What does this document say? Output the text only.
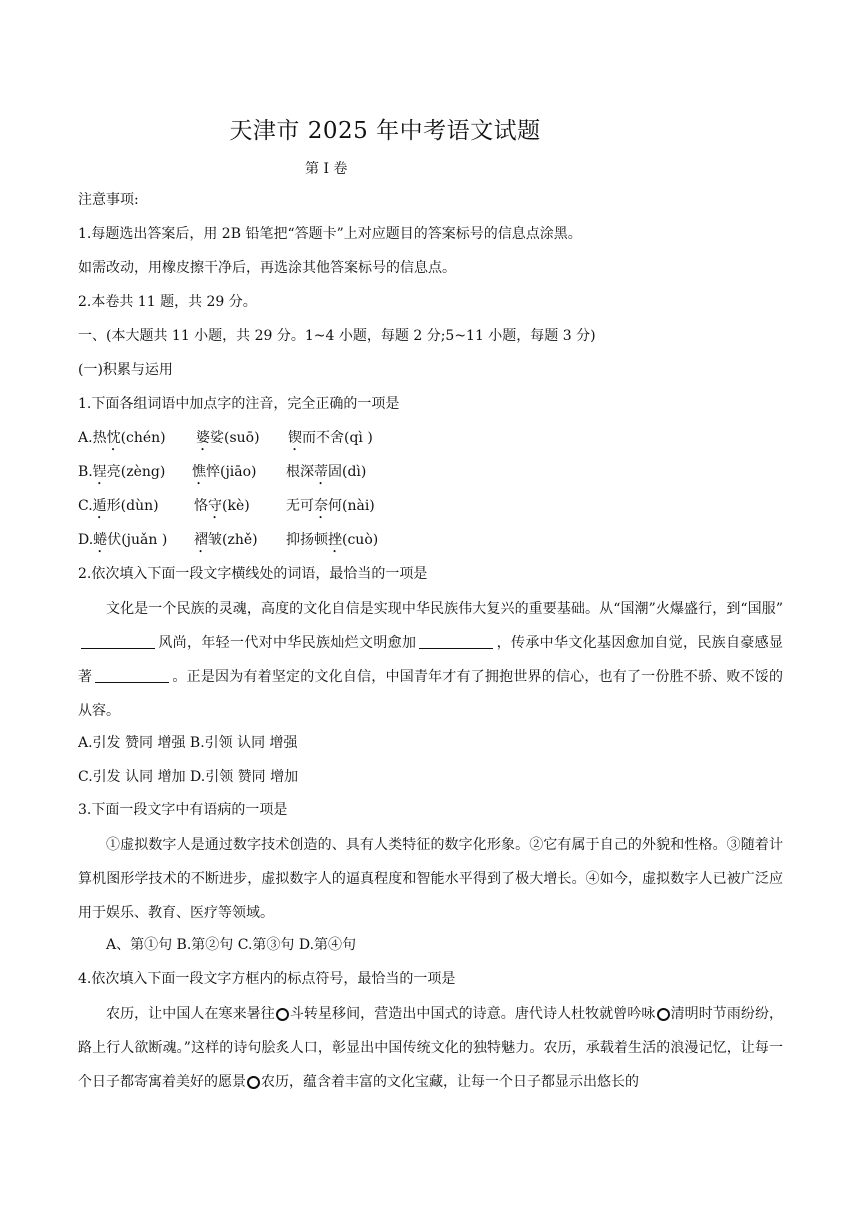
天津市 2025 年中考语文试题
第 I 卷
注意事项:
1.每题选出答案后，用 2B 铅笔把“答题卡”上对应题目的答案标号的信息点涂黑。
如需改动，用橡皮擦干净后，再选涂其他答案标号的信息点。
2.本卷共 11 题，共 29 分。
一、(本大题共 11 小题，共 29 分。1~4 小题，每题 2 分;5~11 小题，每题 3 分)
(一)积累与运用
1.下面各组词语中加点字的注音，完全正确的一项是
A.热忱(chén) 婆娑(suō) 锲而不舍(qì )
B.锃亮(zèng) 憔悴(jiāo) 根深蒂固(dì)
C.遁形(dùn)	恪守(kè)	无可奈何(nài)
D.蜷伏(juǎn ) 褶皱(zhě) 抑扬顿挫(cuò)
2.依次填入下面一段文字横线处的词语，最恰当的一项是
文化是一个民族的灵魂，高度的文化自信是实现中华民族伟大复兴的重要基础。从“国潮”火爆盛行，到“国服”风尚，年轻一代对中华民族灿烂文明愈加	，传承中华文化基因愈加自觉，民族自豪感显著	。正是因为有着坚定的文化自信，中国青年才有了拥抱世界的信心，也有了一份胜不骄、败不馁的从容。
A.引发 赞同 增强 B.引领 认同 增强
C.引发 认同 增加 D.引领 赞同 增加
3.下面一段文字中有语病的一项是
①虚拟数字人是通过数字技术创造的、具有人类特征的数字化形象。②它有属于自己的外貌和性格。③随着计算机图形学技术的不断进步，虚拟数字人的逼真程度和智能水平得到了极大增长。④如今，虚拟数字人已被广泛应用于娱乐、教育、医疗等领域。
A、第①句 B.第②句 C.第③句 D.第④句
4.依次填入下面一段文字方框内的标点符号，最恰当的一项是
农历，让中国人在寒来暑往 斗转星移间，营造出中国式的诗意。唐代诗人杜牧就曾吟咏 清明时节雨纷纷，路上行人欲断魂。”这样的诗句脍炙人口，彰显出中国传统文化的独特魅力。农历，承载着生活的浪漫记忆，让每一个日子都寄寓着美好的愿景 农历，蕴含着丰富的文化宝藏，让每一个日子都显示出悠长的
